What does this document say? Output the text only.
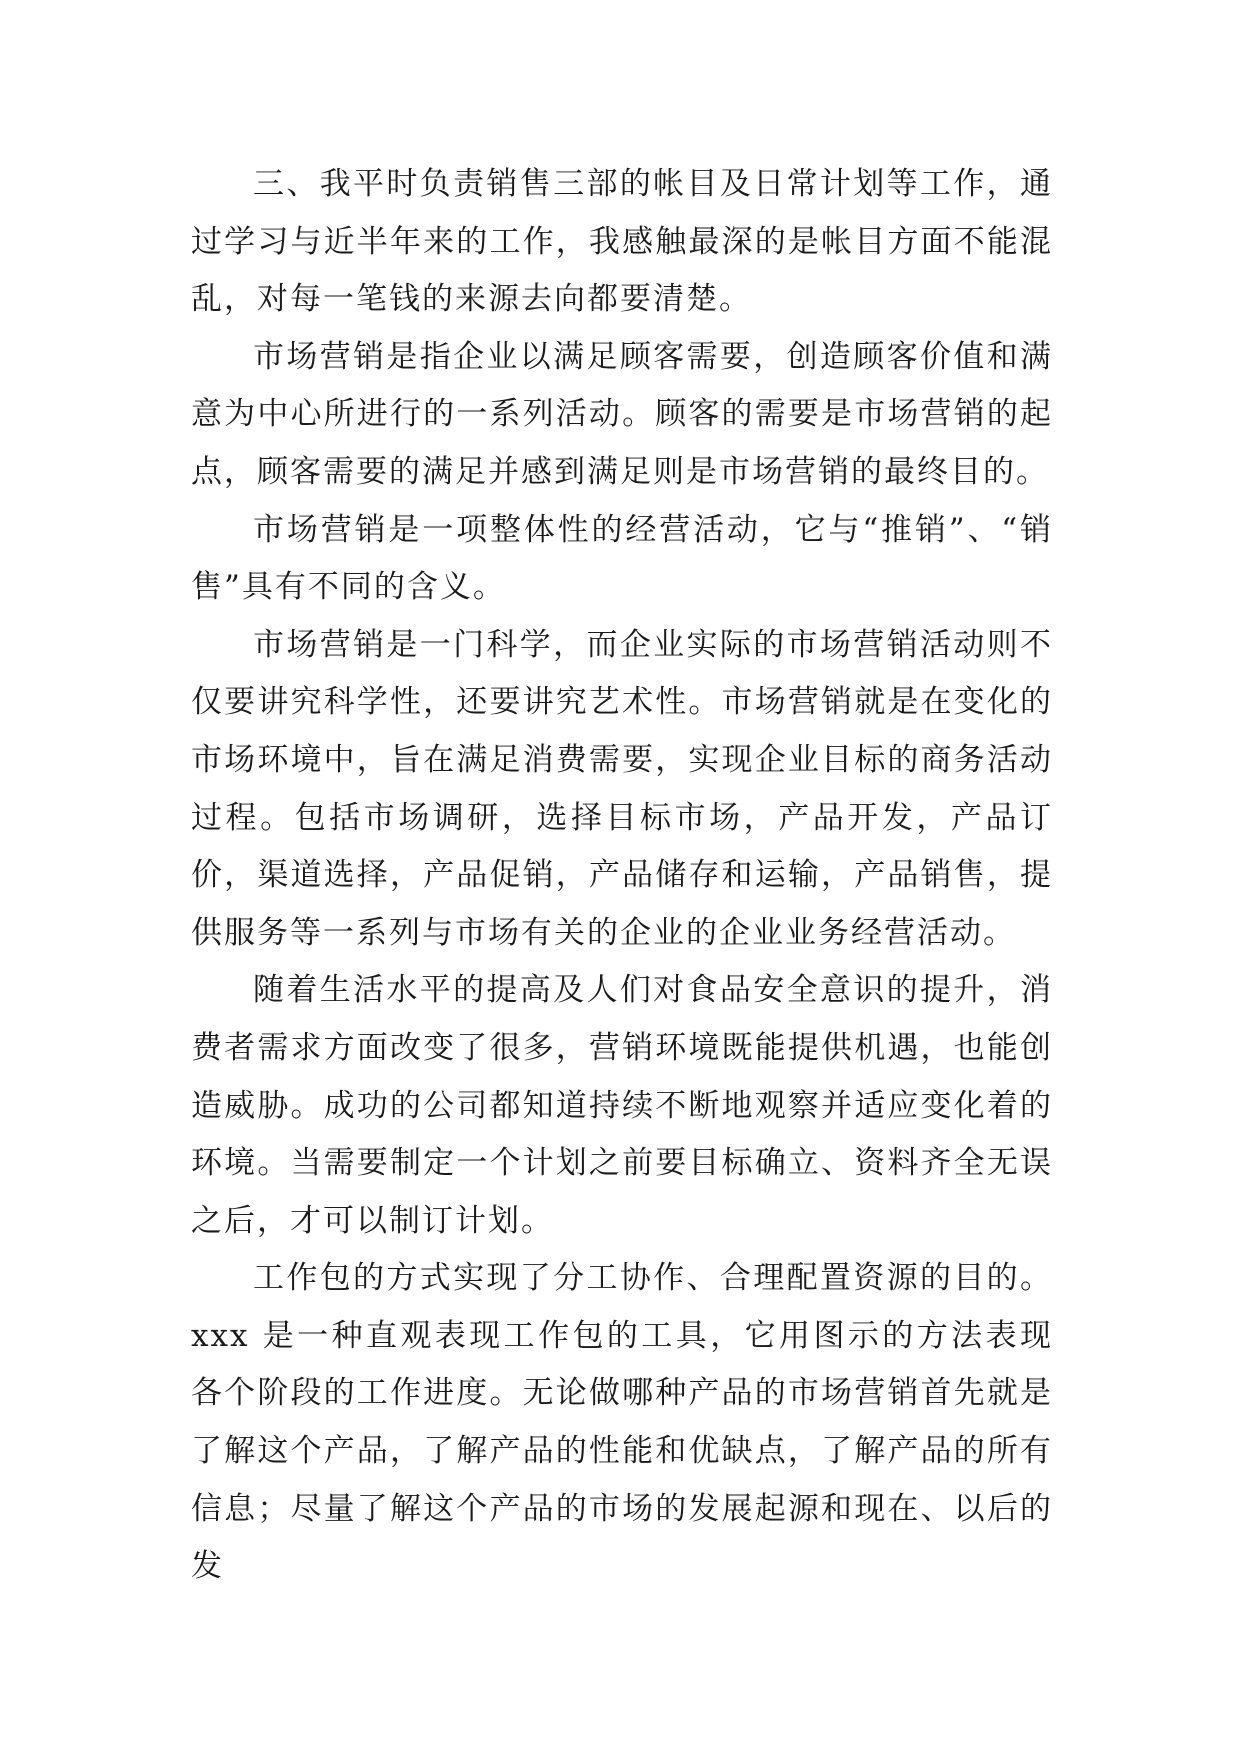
三、我平时负责销售三部的帐目及日常计划等工作，通过学习与近半年来的工作，我感触最深的是帐目方面不能混乱，对每一笔钱的来源去向都要清楚。

市场营销是指企业以满足顾客需要，创造顾客价值和满意为中心所进行的一系列活动。顾客的需要是市场营销的起点，顾客需要的满足并感到满足则是市场营销的最终目的。

市场营销是一项整体性的经营活动，它与“推销”、“销售”具有不同的含义。

市场营销是一门科学，而企业实际的市场营销活动则不仅要讲究科学性，还要讲究艺术性。市场营销就是在变化的市场环境中，旨在满足消费需要，实现企业目标的商务活动过程。包括市场调研，选择目标市场，产品开发，产品订价，渠道选择，产品促销，产品储存和运输，产品销售，提供服务等一系列与市场有关的企业的企业业务经营活动。

随着生活水平的提高及人们对食品安全意识的提升，消费者需求方面改变了很多，营销环境既能提供机遇，也能创造威胁。成功的公司都知道持续不断地观察并适应变化着的环境。当需要制定一个计划之前要目标确立、资料齐全无误之后，才可以制订计划。

工作包的方式实现了分工协作、合理配置资源的目的。xxx 是一种直观表现工作包的工具，它用图示的方法表现各个阶段的工作进度。无论做哪种产品的市场营销首先就是了解这个产品，了解产品的性能和优缺点，了解产品的所有信息；尽量了解这个产品的市场的发展起源和现在、以后的发
